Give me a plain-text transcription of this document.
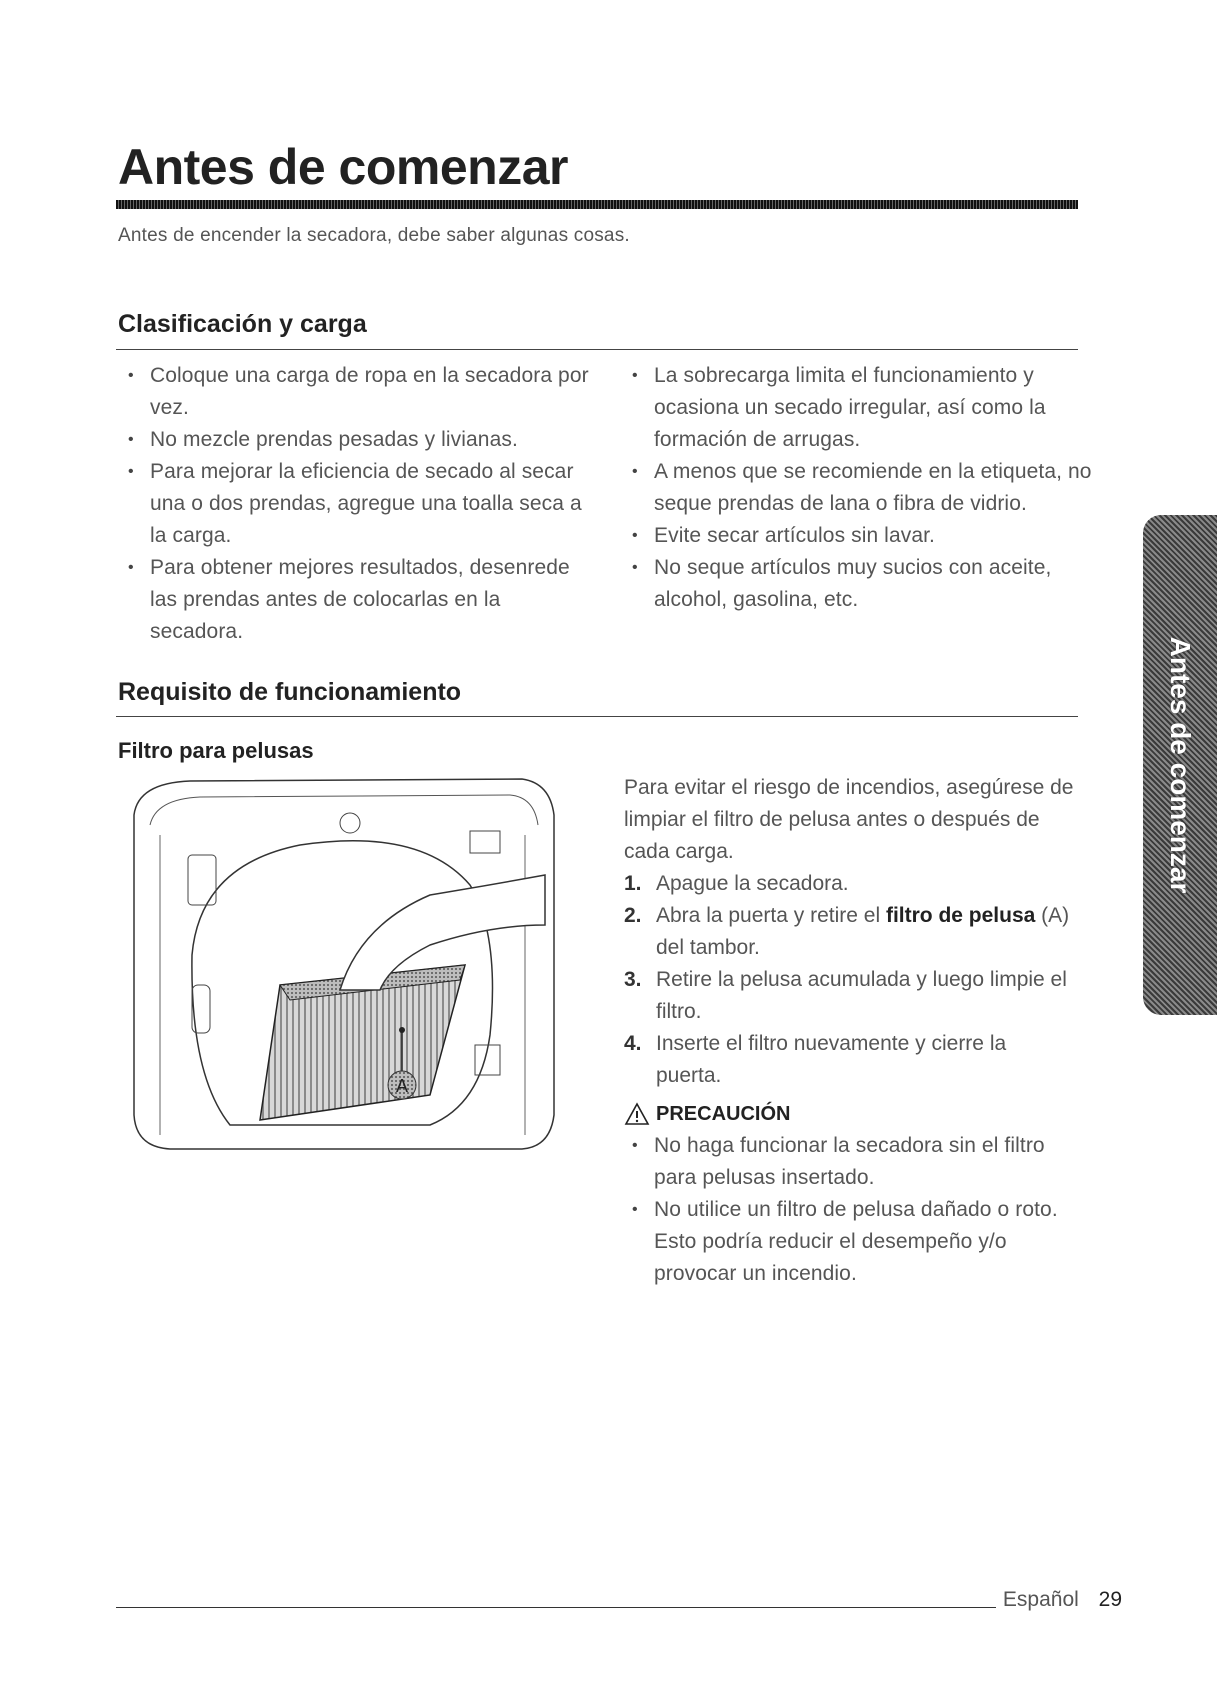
Antes de comenzar
Antes de encender la secadora, debe saber algunas cosas.
Clasificación y carga
• Coloque una carga de ropa en la secadora por vez.
• No mezcle prendas pesadas y livianas.
• Para mejorar la eficiencia de secado al secar una o dos prendas, agregue una toalla seca a la carga.
• Para obtener mejores resultados, desenrede las prendas antes de colocarlas en la secadora.
• La sobrecarga limita el funcionamiento y ocasiona un secado irregular, así como la formación de arrugas.
• A menos que se recomiende en la etiqueta, no seque prendas de lana o fibra de vidrio.
• Evite secar artículos sin lavar.
• No seque artículos muy sucios con aceite, alcohol, gasolina, etc.
Requisito de funcionamiento
Filtro para pelusas
A
Para evitar el riesgo de incendios, asegúrese de limpiar el filtro de pelusa antes o después de cada carga.
1. Apague la secadora.
2. Abra la puerta y retire el filtro de pelusa (A) del tambor.
3. Retire la pelusa acumulada y luego limpie el filtro.
4. Inserte el filtro nuevamente y cierre la puerta.
PRECAUCIÓN
• No haga funcionar la secadora sin el filtro para pelusas insertado.
• No utilice un filtro de pelusa dañado o roto. Esto podría reducir el desempeño y/o provocar un incendio.
Antes de comenzar
Español 29
